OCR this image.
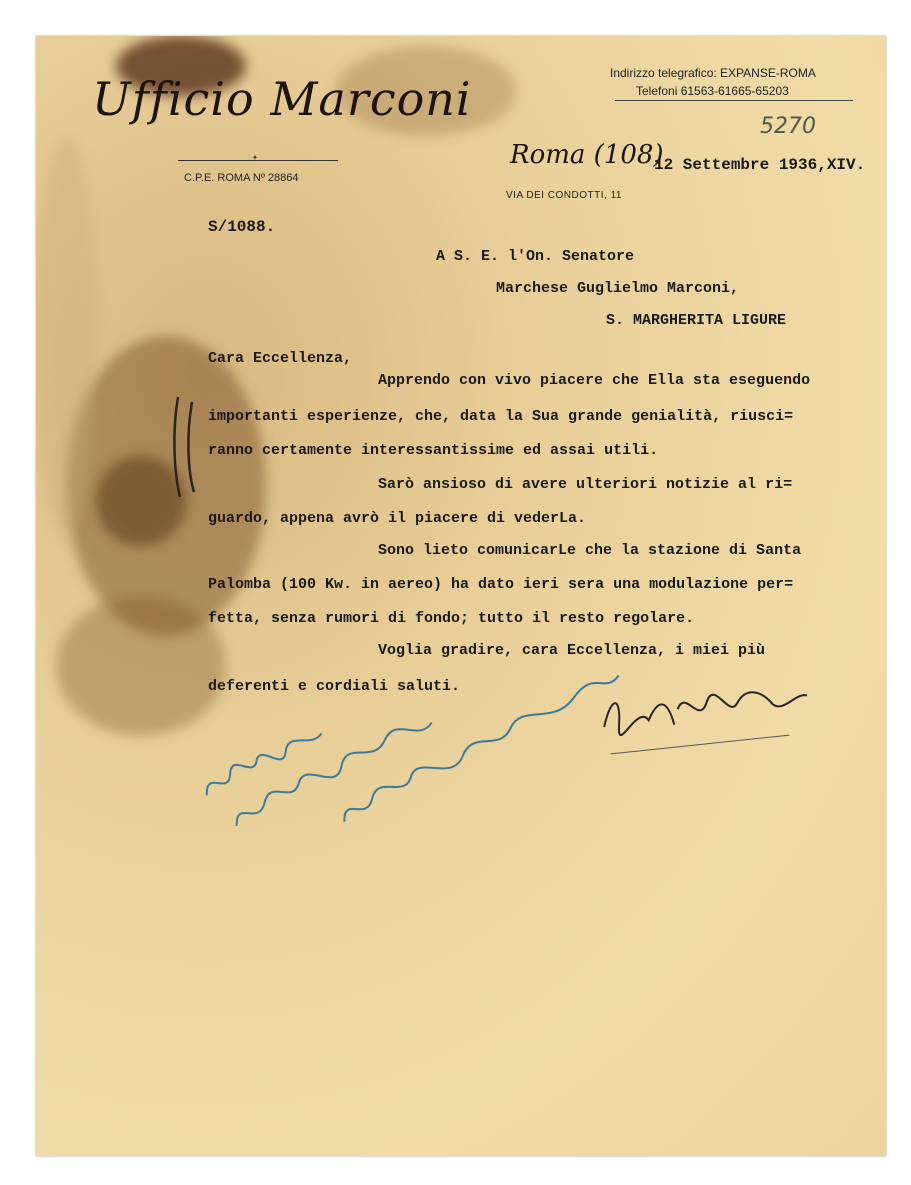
Ufficio Marconi
✦
C.P.E. ROMA Nº 28864
Indirizzo telegrafico: EXPANSE-ROMA
Telefoni 61563-61665-65203
5270
Roma (108)
12 Settembre 1936,XIV.
VIA DEI CONDOTTI, 11
S/1088.
A S. E. l'On. Senatore
Marchese Guglielmo Marconi,
S. MARGHERITA LIGURE
Cara Eccellenza,
Apprendo con vivo piacere che Ella sta eseguendo
importanti esperienze, che, data la Sua grande genialità, riusci=
ranno certamente interessantissime ed assai utili.
Sarò ansioso di avere ulteriori notizie al ri=
guardo, appena avrò il piacere di vederLa.
Sono lieto comunicarLe che la stazione di Santa
Palomba (100 Kw. in aereo) ha dato ieri sera una modulazione per=
fetta, senza rumori di fondo; tutto il resto regolare.
Voglia gradire, cara Eccellenza, i miei più
deferenti e cordiali saluti.
